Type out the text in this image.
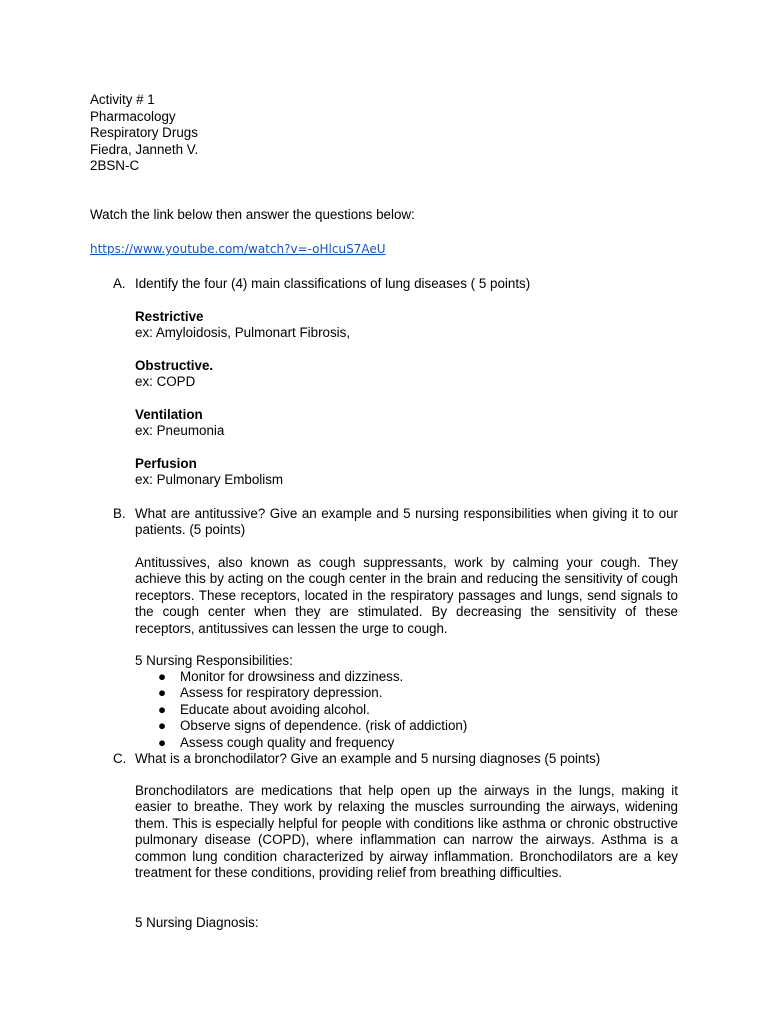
Activity # 1
Pharmacology
Respiratory Drugs
Fiedra, Janneth V.
2BSN-C
Watch the link below then answer the questions below:
https://www.youtube.com/watch?v=-oHlcuS7AeU
A. Identify the four (4) main classifications of lung diseases ( 5 points)
Restrictive
ex: Amyloidosis, Pulmonart Fibrosis,
Obstructive.
ex: COPD
Ventilation
ex: Pneumonia
Perfusion
ex: Pulmonary Embolism
B. What are antitussive? Give an example and 5 nursing responsibilities when giving it to our patients. (5 points)
Antitussives, also known as cough suppressants, work by calming your cough. They achieve this by acting on the cough center in the brain and reducing the sensitivity of cough receptors. These receptors, located in the respiratory passages and lungs, send signals to the cough center when they are stimulated. By decreasing the sensitivity of these receptors, antitussives can lessen the urge to cough.
5 Nursing Responsibilities:
● Monitor for drowsiness and dizziness.
● Assess for respiratory depression.
● Educate about avoiding alcohol.
● Observe signs of dependence. (risk of addiction)
● Assess cough quality and frequency
C. What is a bronchodilator? Give an example and 5 nursing diagnoses (5 points)
Bronchodilators are medications that help open up the airways in the lungs, making it easier to breathe. They work by relaxing the muscles surrounding the airways, widening them. This is especially helpful for people with conditions like asthma or chronic obstructive pulmonary disease (COPD), where inflammation can narrow the airways. Asthma is a common lung condition characterized by airway inflammation. Bronchodilators are a key treatment for these conditions, providing relief from breathing difficulties.
5 Nursing Diagnosis:
